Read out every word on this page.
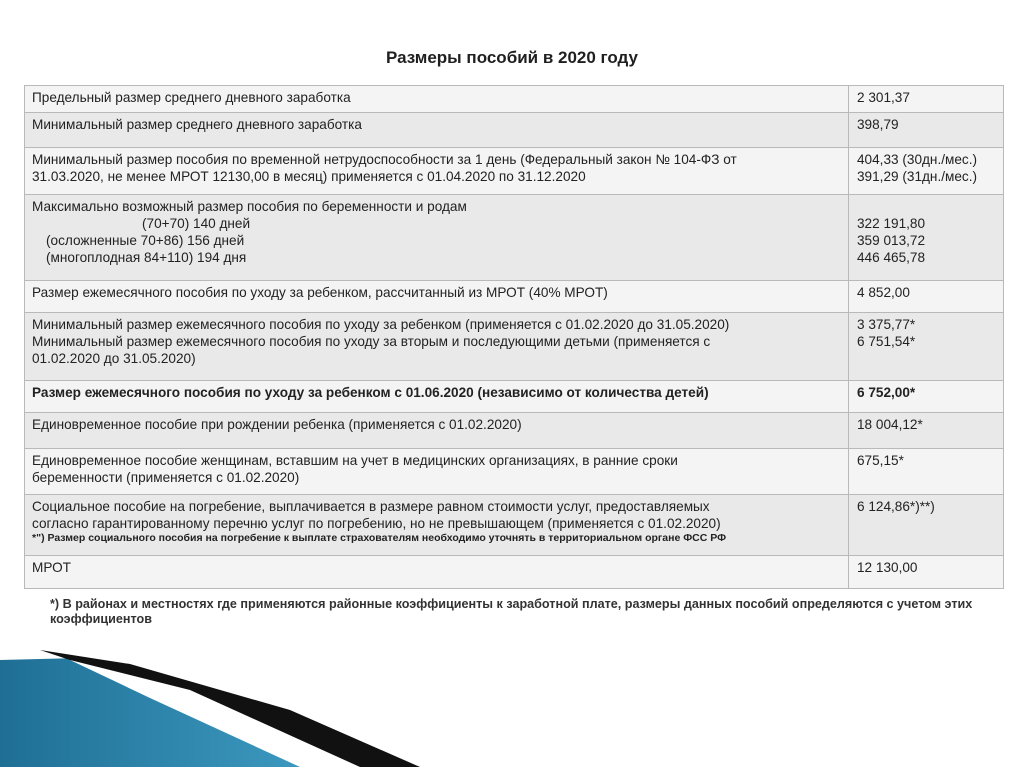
Размеры пособий в 2020 году
Предельный размер среднего дневного заработка	2 301,37

Минимальный размер среднего дневного заработка	398,79

Минимальный размер пособия по временной нетрудоспособности за 1 день (Федеральный закон № 104-ФЗ от
31.03.2020, не менее МРОТ 12130,00 в месяц) применяется с 01.04.2020 по 31.12.2020	404,33 (30дн./мес.)
391,29 (31дн./мес.)

Максимально возможный размер пособия по беременности и родам
(70+70) 140 дней
(осложненные 70+86) 156 дней
(многоплодная 84+110) 194 дня	322 191,80
359 013,72
446 465,78

Размер ежемесячного пособия по уходу за ребенком, рассчитанный из МРОТ (40% МРОТ)	4 852,00

Минимальный размер ежемесячного пособия по уходу за ребенком (применяется с 01.02.2020 до 31.05.2020)
Минимальный размер ежемесячного пособия по уходу за вторым и последующими детьми (применяется с
01.02.2020 до 31.05.2020)	3 375,77*
6 751,54*

Размер ежемесячного пособия по уходу за ребенком с 01.06.2020 (независимо от количества детей)	6 752,00*

Единовременное пособие при рождении ребенка (применяется с 01.02.2020)	18 004,12*

Единовременное пособие женщинам, вставшим на учет в медицинских организациях, в ранние сроки
беременности (применяется с 01.02.2020)	675,15*

Социальное пособие на погребение, выплачивается в размере равном стоимости услуг, предоставляемых
согласно гарантированному перечню услуг по погребению, но не превышающем (применяется с 01.02.2020)
*") Размер социального пособия на погребение к выплате страхователям необходимо уточнять в территориальном органе ФСС РФ	6 124,86*)**)

МРОТ	12 130,00
*) В районах и местностях где применяются районные коэффициенты к заработной плате, размеры данных пособий определяются с учетом этих коэффициентов
